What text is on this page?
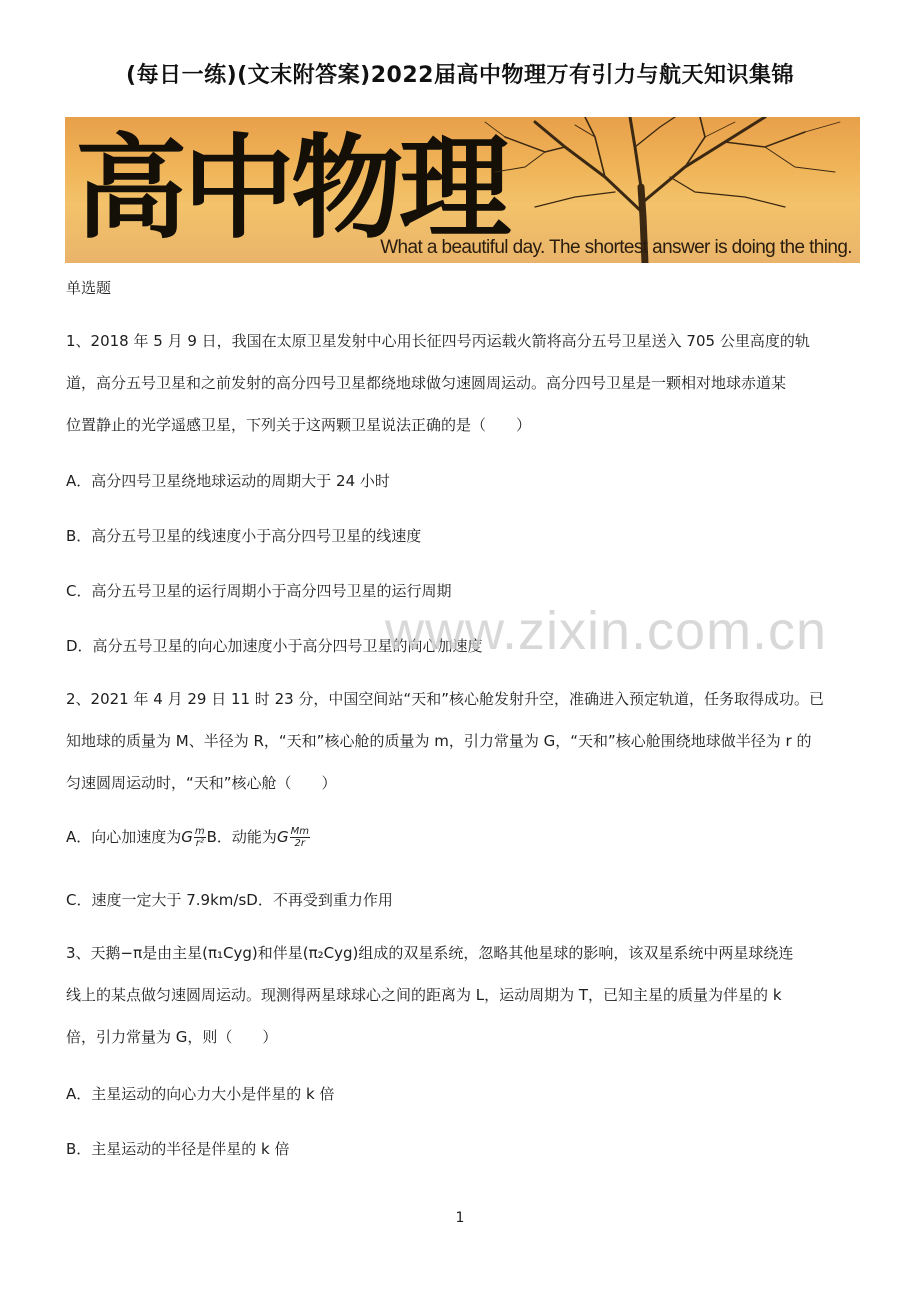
(每日一练)(文末附答案)2022届高中物理万有引力与航天知识集锦
高中物理
What a beautiful day. The shortest answer is doing the thing.
单选题
1、2018 年 5 月 9 日，我国在太原卫星发射中心用长征四号丙运载火箭将高分五号卫星送入 705 公里高度的轨
道，高分五号卫星和之前发射的高分四号卫星都绕地球做匀速圆周运动。高分四号卫星是一颗相对地球赤道某
位置静止的光学遥感卫星，下列关于这两颗卫星说法正确的是（　　）
A．高分四号卫星绕地球运动的周期大于 24 小时
B．高分五号卫星的线速度小于高分四号卫星的线速度
C．高分五号卫星的运行周期小于高分四号卫星的运行周期
D．高分五号卫星的向心加速度小于高分四号卫星的向心加速度
2、2021 年 4 月 29 日 11 时 23 分，中国空间站“天和”核心舱发射升空，准确进入预定轨道，任务取得成功。已
知地球的质量为 M、半径为 R，“天和”核心舱的质量为 m，引力常量为 G，“天和”核心舱围绕地球做半径为 r 的
匀速圆周运动时，“天和”核心舱（　　）
A．向心加速度为G $\frac{m}{\text{r²}}$ B．动能为G $\frac{Mm}{2r}$
C．速度一定大于 7.9km/sD．不再受到重力作用
3、天鹅−π是由主星(π₁Cyg)和伴星(π₂Cyg)组成的双星系统，忽略其他星球的影响，该双星系统中两星球绕连
线上的某点做匀速圆周运动。现测得两星球球心之间的距离为 L，运动周期为 T，已知主星的质量为伴星的 k
倍，引力常量为 G，则（　　）
A．主星运动的向心力大小是伴星的 k 倍
B．主星运动的半径是伴星的 k 倍
www.zixin.com.cn
1
